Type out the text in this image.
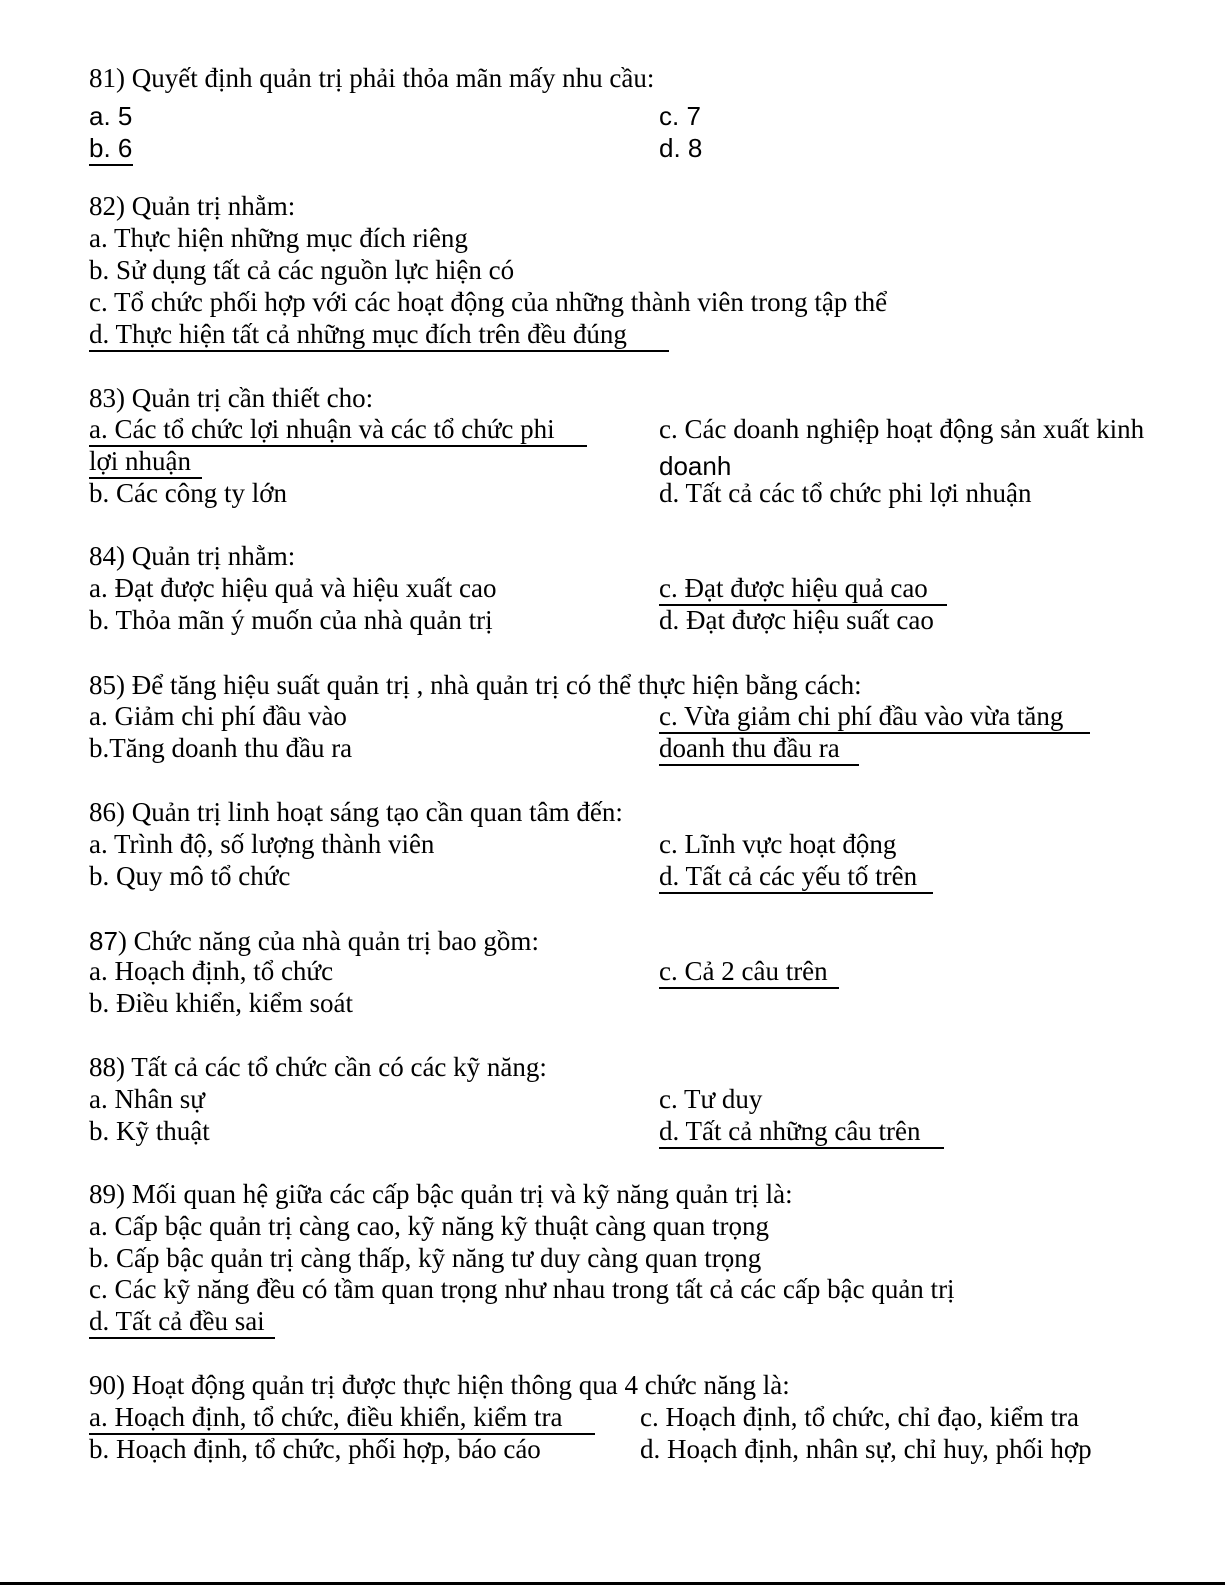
81) Quyết định quản trị phải thỏa mãn mấy nhu cầu:
a. 5
b. 6
c. 7
d. 8
82) Quản trị nhằm:
a. Thực hiện những mục đích riêng
b. Sử dụng tất cả các nguồn lực hiện có
c. Tổ chức phối hợp với các hoạt động của những thành viên trong tập thể
d. Thực hiện tất cả những mục đích trên đều đúng
83) Quản trị cần thiết cho:
a. Các tổ chức lợi nhuận và các tổ chức phi
lợi nhuận
b. Các công ty lớn
c. Các doanh nghiệp hoạt động sản xuất kinh
doanh
d. Tất cả các tổ chức phi lợi nhuận
84) Quản trị nhằm:
a. Đạt được hiệu quả và hiệu xuất cao
b. Thỏa mãn ý muốn của nhà quản trị
c. Đạt được hiệu quả cao
d. Đạt được hiệu suất cao
85) Để tăng hiệu suất quản trị , nhà quản trị có thể thực hiện bằng cách:
a. Giảm chi phí đầu vào
b.Tăng doanh thu đầu ra
c. Vừa giảm chi phí đầu vào vừa tăng
doanh thu đầu ra
86) Quản trị linh hoạt sáng tạo cần quan tâm đến:
a. Trình độ, số lượng thành viên
b. Quy mô tổ chức
c. Lĩnh vực hoạt động
d. Tất cả các yếu tố trên
87) Chức năng của nhà quản trị bao gồm:
a. Hoạch định, tổ chức
b. Điều khiển, kiểm soát
c. Cả 2 câu trên
88) Tất cả các tổ chức cần có các kỹ năng:
a. Nhân sự
b. Kỹ thuật
c. Tư duy
d. Tất cả những câu trên
89) Mối quan hệ giữa các cấp bậc quản trị và kỹ năng quản trị là:
a. Cấp bậc quản trị càng cao, kỹ năng kỹ thuật càng quan trọng
b. Cấp bậc quản trị càng thấp, kỹ năng tư duy càng quan trọng
c. Các kỹ năng đều có tầm quan trọng như nhau trong tất cả các cấp bậc quản trị
d. Tất cả đều sai
90) Hoạt động quản trị được thực hiện thông qua 4 chức năng là:
a. Hoạch định, tổ chức, điều khiển, kiểm tra
b. Hoạch định, tổ chức, phối hợp, báo cáo
c. Hoạch định, tổ chức, chỉ đạo, kiểm tra
d. Hoạch định, nhân sự, chỉ huy, phối hợp
